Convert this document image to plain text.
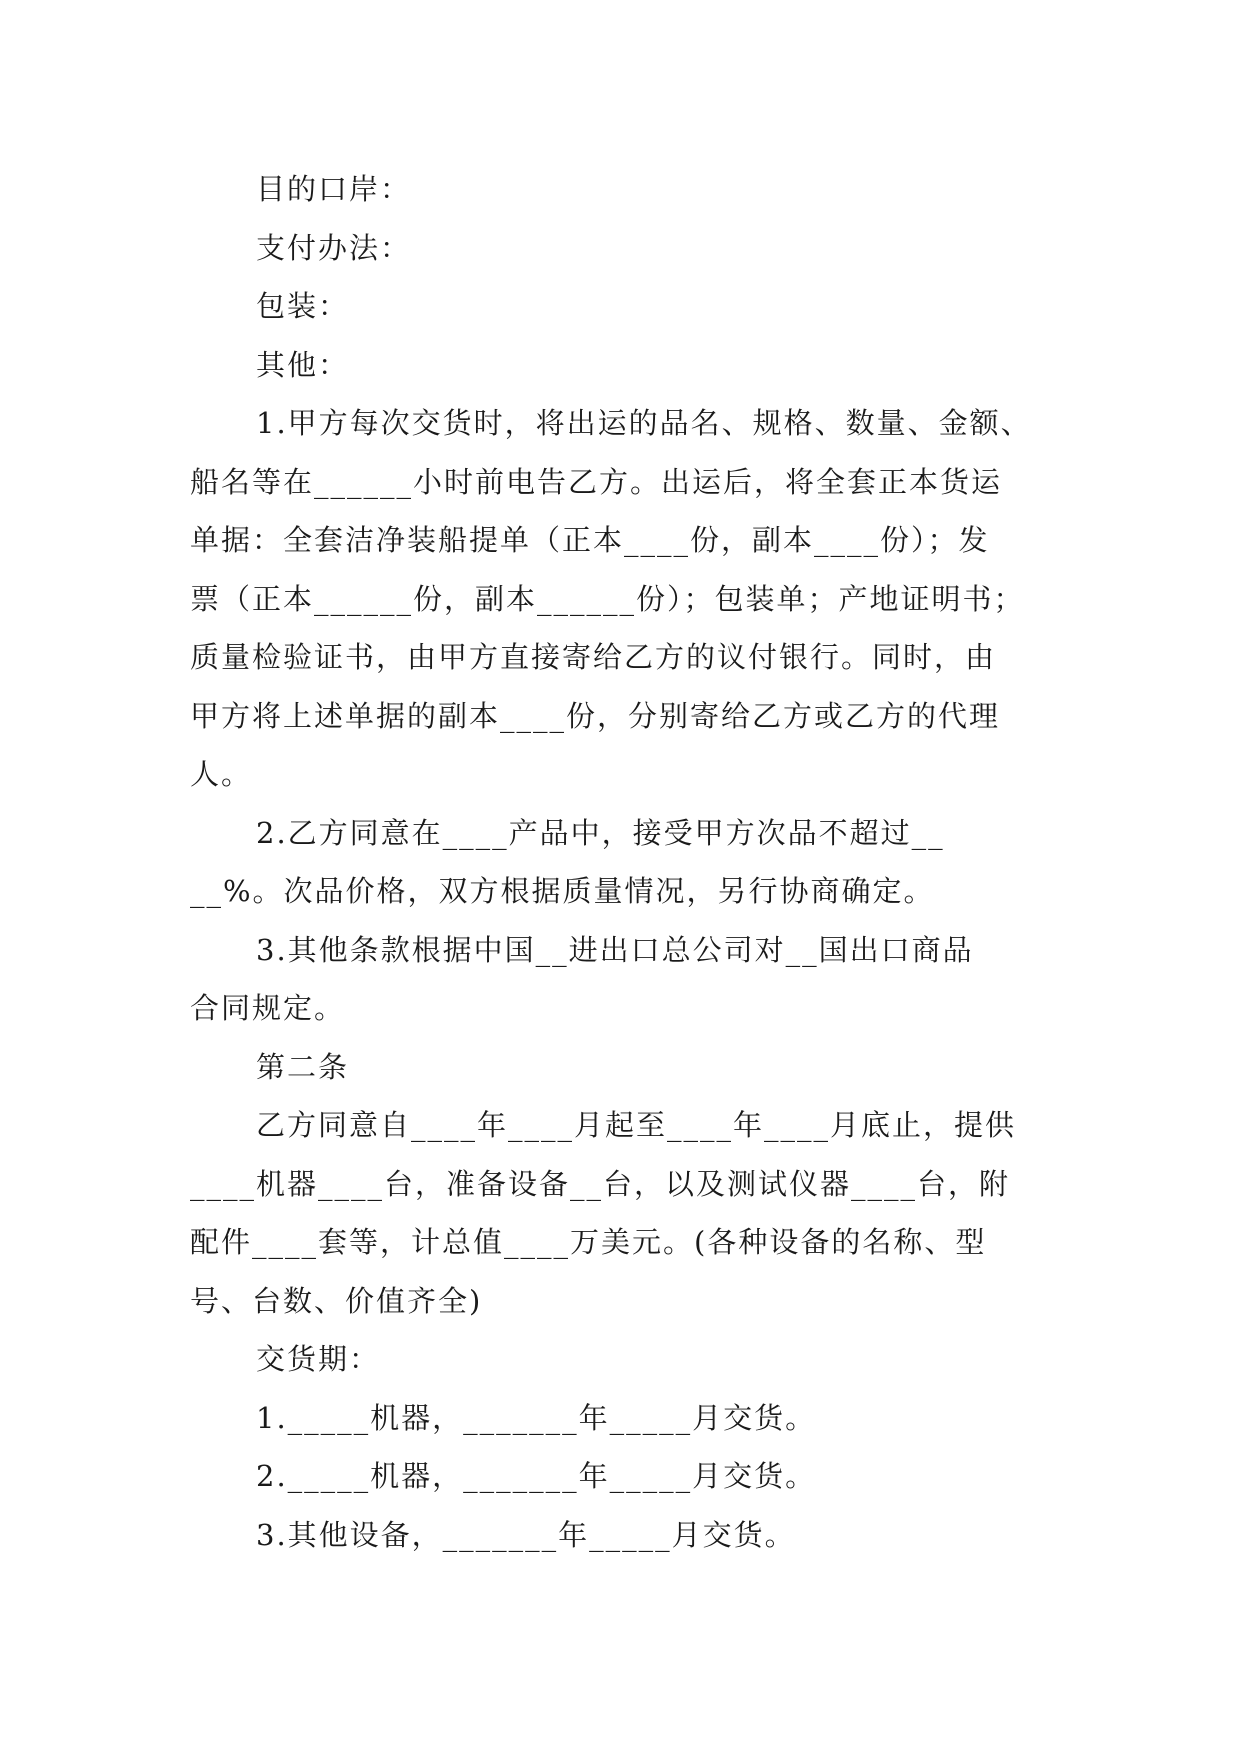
目的口岸：
支付办法：
包装：
其他：
1.甲方每次交货时，将出运的品名、规格、数量、金额、
船名等在______小时前电告乙方。出运后，将全套正本货运
单据：全套洁净装船提单（正本____份，副本____份）；发
票（正本______份，副本______份）；包装单；产地证明书；
质量检验证书，由甲方直接寄给乙方的议付银行。同时，由
甲方将上述单据的副本____份，分别寄给乙方或乙方的代理
人。
2.乙方同意在____产品中，接受甲方次品不超过__
__%。次品价格，双方根据质量情况，另行协商确定。
3.其他条款根据中国__进出口总公司对__国出口商品
合同规定。
第二条
乙方同意自____年____月起至____年____月底止，提供
____机器____台，准备设备__台，以及测试仪器____台，附
配件____套等，计总值____万美元。(各种设备的名称、型
号、台数、价值齐全)
交货期：
1._____机器，_______年_____月交货。
2._____机器，_______年_____月交货。
3.其他设备，_______年_____月交货。
